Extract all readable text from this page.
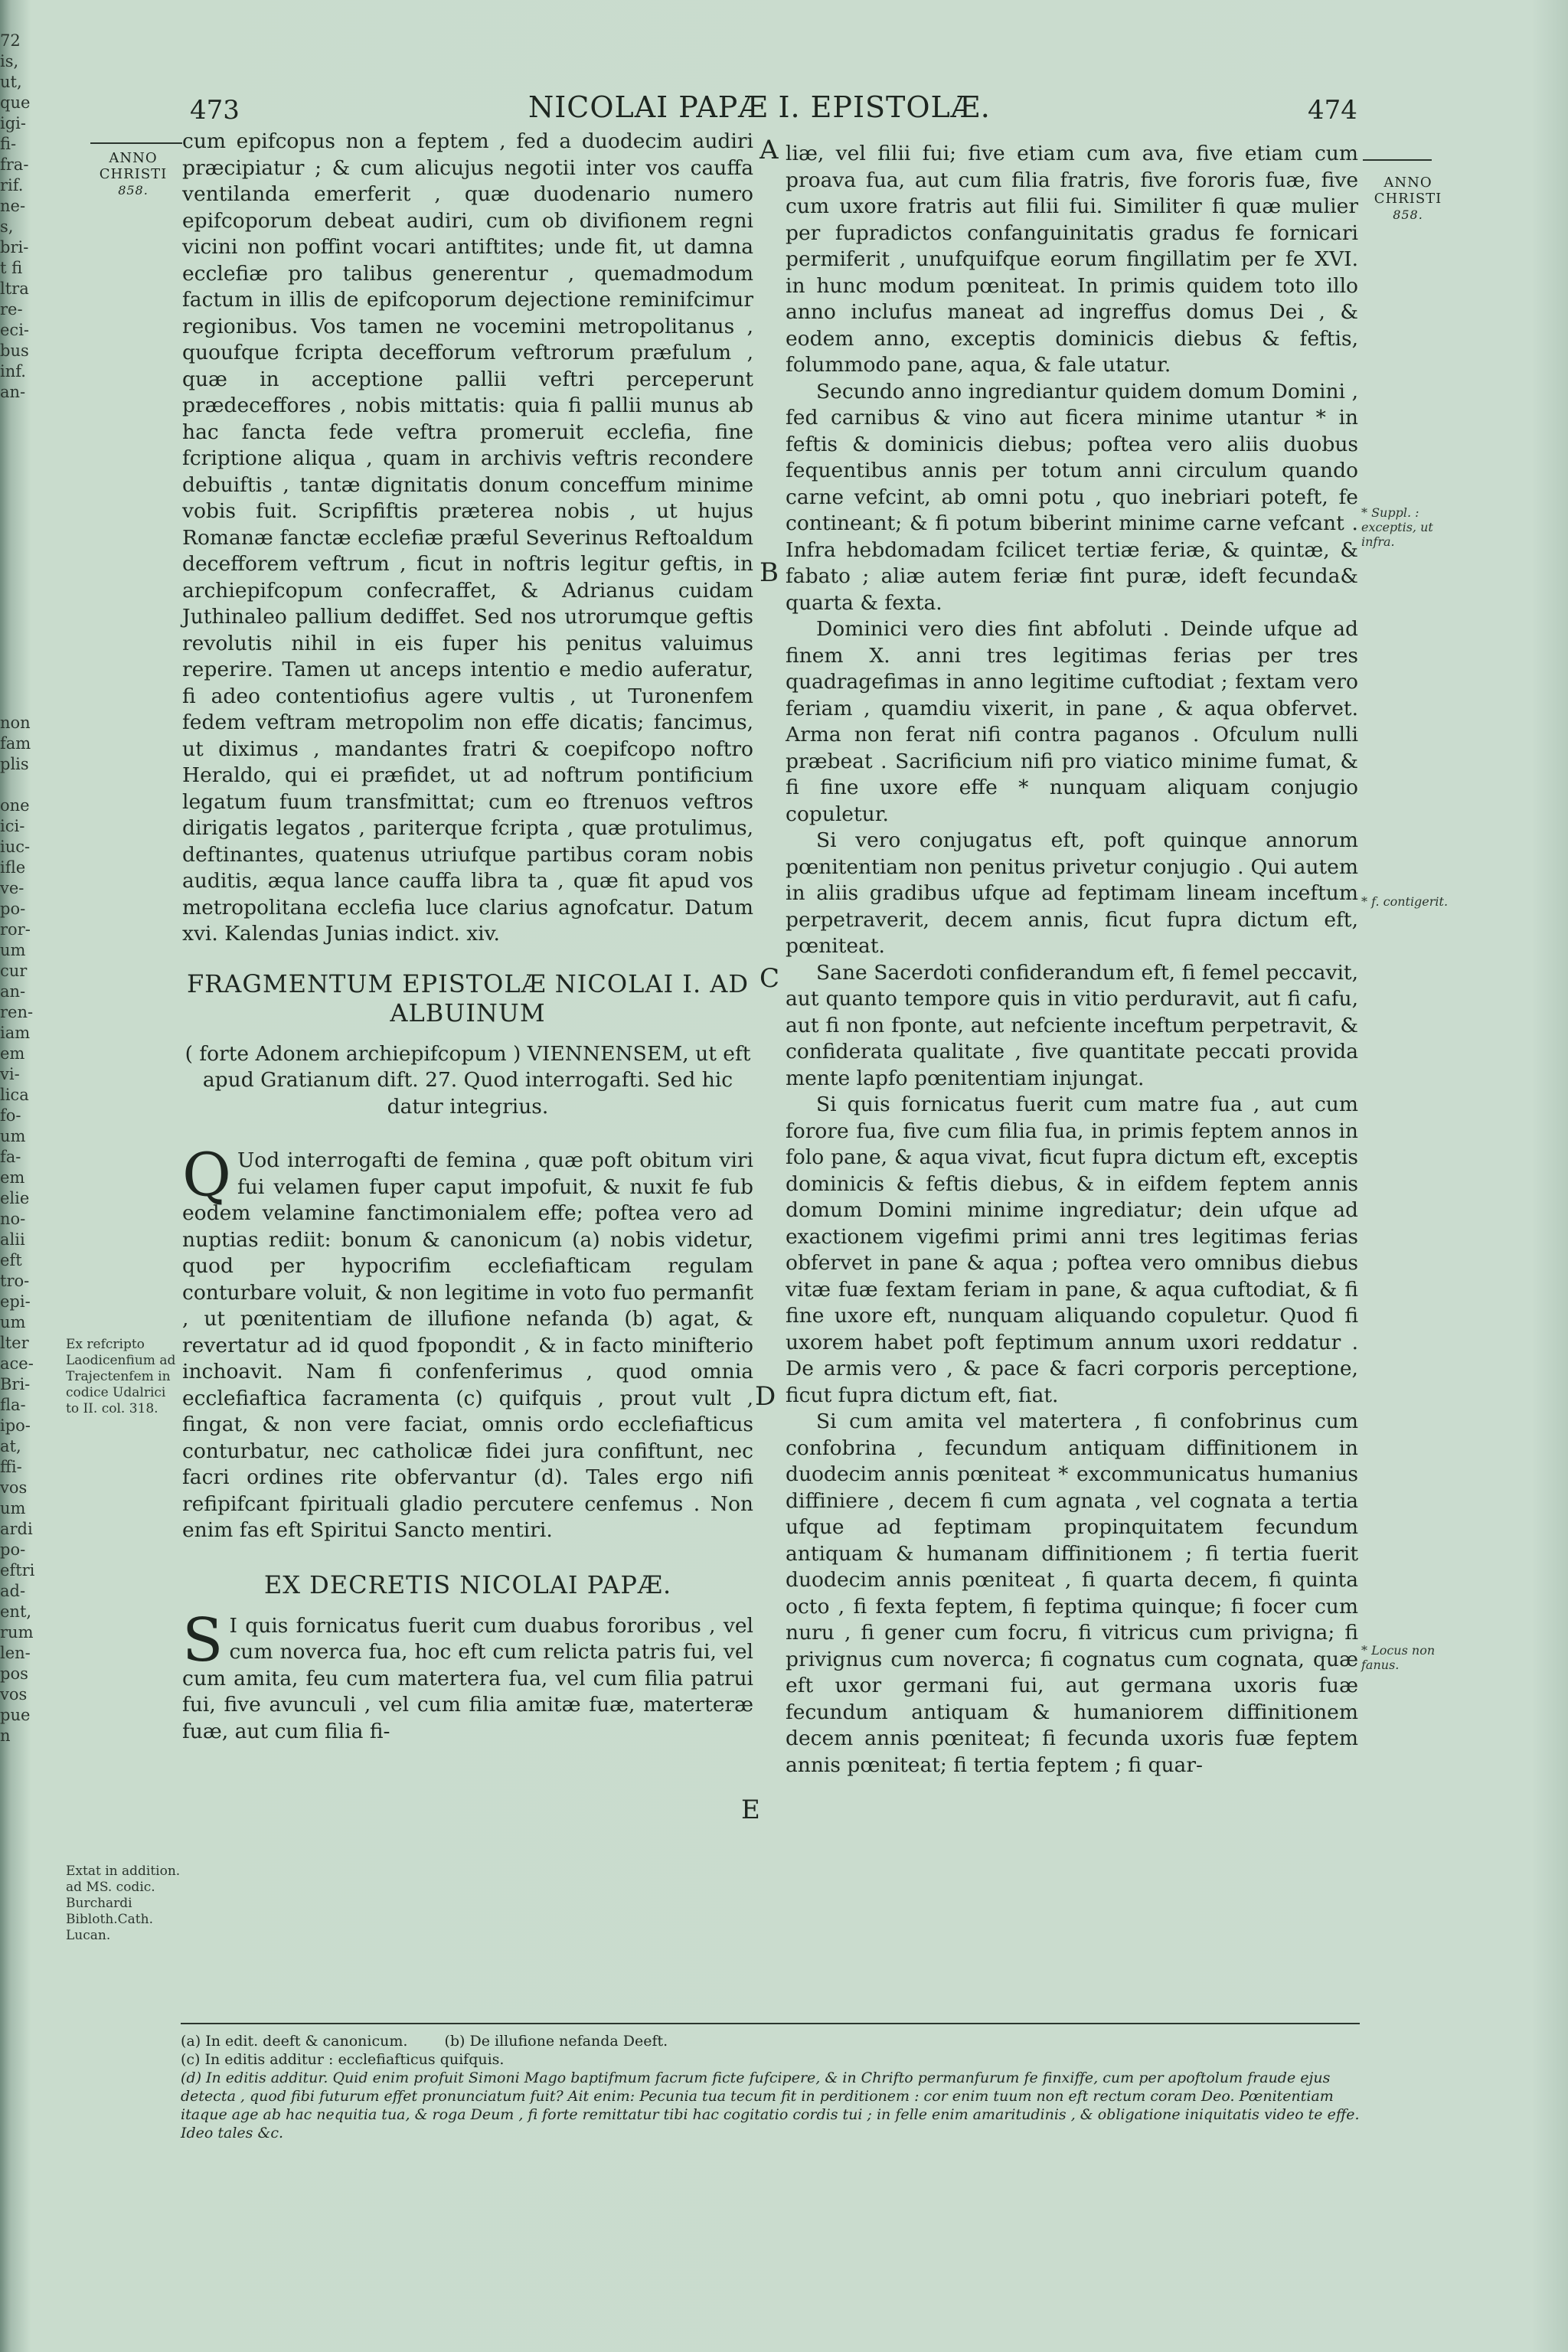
72
is,
ut,
que
igi-
fi-
fra-
rif.
ne-
s,
bri-
t fi
ltra
re-
eci-
bus
inf.
an-

non
fam
plis

one
ici-
iuc-
ifle
ve-
po-
ror-
um
cur
an-
ren-
iam
em
vi-
lica
fo-
um
fa-
em
elie
no-
alii
eft
tro-
epi-
um
lter
ace-
Bri-
fla-
ipo-
at,
ffi-
vos
um
ardi
po-
eftri
ad-
ent,
rum
len-
pos
vos
pue
n
473	NICOLAI PAPÆ I. EPISTOLÆ.	474
ANNO
CHRISTI
858.	ANNO
CHRISTI
858.

cum epifcopus non a feptem , fed a duodecim audiri præcipiatur ; & cum alicujus negotii inter vos cauffa ventilanda emerferit , quæ duodenario numero epifcoporum debeat audiri, cum ob divifionem regni vicini non poffint vocari antiftites; unde fit, ut damna ecclefiæ pro talibus generentur , quemadmodum factum in illis de epifcoporum dejectione reminifcimur regionibus. Vos tamen ne vocemini metropolitanus , quoufque fcripta decefforum veftrorum præfulum , quæ in acceptione pallii veftri perceperunt prædeceffores , nobis mittatis: quia fi pallii munus ab hac fancta fede veftra promeruit ecclefia, fine fcriptione aliqua , quam in archivis veftris recondere debuiftis , tantæ dignitatis donum conceffum minime vobis fuit. Scripfiftis præterea nobis , ut hujus Romanæ fanctæ ecclefiæ præful Severinus Reftoaldum decefforem veftrum , ficut in noftris legitur geftis, in archiepifcopum confecraffet, & Adrianus cuidam Juthinaleo pallium dediffet. Sed nos utrorumque geftis revolutis nihil in eis fuper his penitus valuimus reperire. Tamen ut anceps intentio e medio auferatur, fi adeo contentiofius agere vultis , ut Turonenfem fedem veftram metropolim non effe dicatis; fancimus, ut diximus , mandantes fratri & coepifcopo noftro Heraldo, qui ei præfidet, ut ad noftrum pontificium legatum fuum transfmittat; cum eo ftrenuos veftros dirigatis legatos , pariterque fcripta , quæ protulimus, deftinantes, quatenus utriufque partibus coram nobis auditis, æqua lance cauffa libra ta , quæ fit apud vos metropolitana ecclefia luce clarius agnofcatur. Datum xvi. Kalendas Junias indict. xiv.

FRAGMENTUM EPISTOLÆ NICOLAI I. AD ALBUINUM

( forte Adonem archiepifcopum ) VIENNENSEM, ut eft apud Gratianum dift. 27. Quod interrogafti. Sed hic datur integrius.

Q Uod interrogafti de femina , quæ poft obitum viri fui velamen fuper caput impofuit, & nuxit fe fub eodem velamine fanctimonialem effe; poftea vero ad nuptias rediit: bonum & canonicum (a) nobis videtur, quod per hypocrifim ecclefiafticam regulam conturbare voluit, & non legitime in voto fuo permanfit , ut pœnitentiam de illufione nefanda (b) agat, & revertatur ad id quod fpopondit , & in facto minifterio inchoavit. Nam fi confenferimus , quod omnia ecclefiaftica facramenta (c) quifquis , prout vult , fingat, & non vere faciat, omnis ordo ecclefiafticus conturbatur, nec catholicæ fidei jura confiftunt, nec facri ordines rite obfervantur (d). Tales ergo nifi refipifcant fpirituali gladio percutere cenfemus . Non enim fas eft Spiritui Sancto mentiri.
EX DECRETIS NICOLAI PAPÆ.
S I quis fornicatus fuerit cum duabus fororibus , vel cum noverca fua, hoc eft cum relicta patris fui, vel cum amita, feu cum matertera fua, vel cum filia patrui fui, five avunculi , vel cum filia amitæ fuæ, materteræ fuæ, aut cum filia fi-

liæ, vel filii fui; five etiam cum ava, five etiam cum proava fua, aut cum filia fratris, five fororis fuæ, five cum uxore fratris aut filii fui. Similiter fi quæ mulier per fupradictos confanguinitatis gradus fe fornicari permiferit , unufquifque eorum fingillatim per fe XVI. in hunc modum pœniteat. In primis quidem toto illo anno inclufus maneat ad ingreffus domus Dei , & eodem anno, exceptis dominicis diebus & feftis, folummodo pane, aqua, & fale utatur.

Secundo anno ingrediantur quidem domum Domini , fed carnibus & vino aut ficera minime utantur * in feftis & dominicis diebus; poftea vero aliis duobus fequentibus annis per totum anni circulum quando carne vefcint, ab omni potu , quo inebriari poteft, fe contineant; & fi potum biberint minime carne vefcant . Infra hebdomadam fcilicet tertiæ feriæ, & quintæ, & fabato ; aliæ autem feriæ fint puræ, ideft fecunda& quarta & fexta.

Dominici vero dies fint abfoluti . Deinde ufque ad finem X. anni tres legitimas ferias per tres quadragefimas in anno legitime cuftodiat ; fextam vero feriam , quamdiu vixerit, in pane , & aqua obfervet. Arma non ferat nifi contra paganos . Ofculum nulli præbeat . Sacrificium nifi pro viatico minime fumat, & fi fine uxore effe * nunquam aliquam conjugio copuletur.

Si vero conjugatus eft, poft quinque annorum pœnitentiam non penitus privetur conjugio . Qui autem in aliis gradibus ufque ad feptimam lineam inceftum perpetraverit, decem annis, ficut fupra dictum eft, pœniteat.

Sane Sacerdoti confiderandum eft, fi femel peccavit, aut quanto tempore quis in vitio perduravit, aut fi cafu, aut fi non fponte, aut nefciente inceftum perpetravit, & confiderata qualitate , five quantitate peccati provida mente lapfo pœnitentiam injungat.

Si quis fornicatus fuerit cum matre fua , aut cum forore fua, five cum filia fua, in primis feptem annos in folo pane, & aqua vivat, ficut fupra dictum eft, exceptis dominicis & feftis diebus, & in eifdem feptem annis domum Domini minime ingrediatur; dein ufque ad exactionem vigefimi primi anni tres legitimas ferias obfervet in pane & aqua ; poftea vero omnibus diebus vitæ fuæ fextam feriam in pane, & aqua cuftodiat, & fi fine uxore eft, nunquam aliquando copuletur. Quod fi uxorem habet poft feptimum annum uxori reddatur . De armis vero , & pace & facri corporis perceptione, ficut fupra dictum eft, fiat.

Si cum amita vel matertera , fi confobrinus cum confobrina , fecundum antiquam diffinitionem in duodecim annis pœniteat * excommunicatus humanius diffiniere , decem fi cum agnata , vel cognata a tertia ufque ad feptimam propinquitatem fecundum antiquam & humanam diffinitionem ; fi tertia fuerit duodecim annis pœniteat , fi quarta decem, fi quinta octo , fi fexta feptem, fi feptima quinque; fi focer cum nuru , fi gener cum focru, fi vitricus cum privigna; fi privignus cum noverca; fi cognatus cum cognata, quæ eft uxor germani fui, aut germana uxoris fuæ fecundum antiquam & humaniorem diffinitionem decem annis pœniteat; fi fecunda uxoris fuæ feptem annis pœniteat; fi tertia feptem ; fi quar-

A
B
C
D
E
Ex refcripto Laodicenfium ad Trajectenfem in codice Udalrici to II. col. 318.
Extat in addition. ad MS. codic. Burchardi Bibloth.Cath. Lucan.
* Suppl. : exceptis, ut infra.
* f. contigerit.
* Locus non fanus.

(a) In edit. deeft & canonicum.	(b) De illufione nefanda Deeft.

(c) In editis additur : ecclefiafticus quifquis.

(d) In editis additur. Quid enim profuit Simoni Mago baptifmum facrum ficte fufcipere, & in Chrifto permanfurum fe finxiffe, cum per apoftolum fraude ejus detecta , quod fibi futurum effet pronunciatum fuit? Ait enim: Pecunia tua tecum fit in perditionem : cor enim tuum non eft rectum coram Deo. Pœnitentiam itaque age ab hac nequitia tua, & roga Deum , fi forte remittatur tibi hac cogitatio cordis tui ; in felle enim amaritudinis , & obligatione iniquitatis video te effe. Ideo tales &c.
